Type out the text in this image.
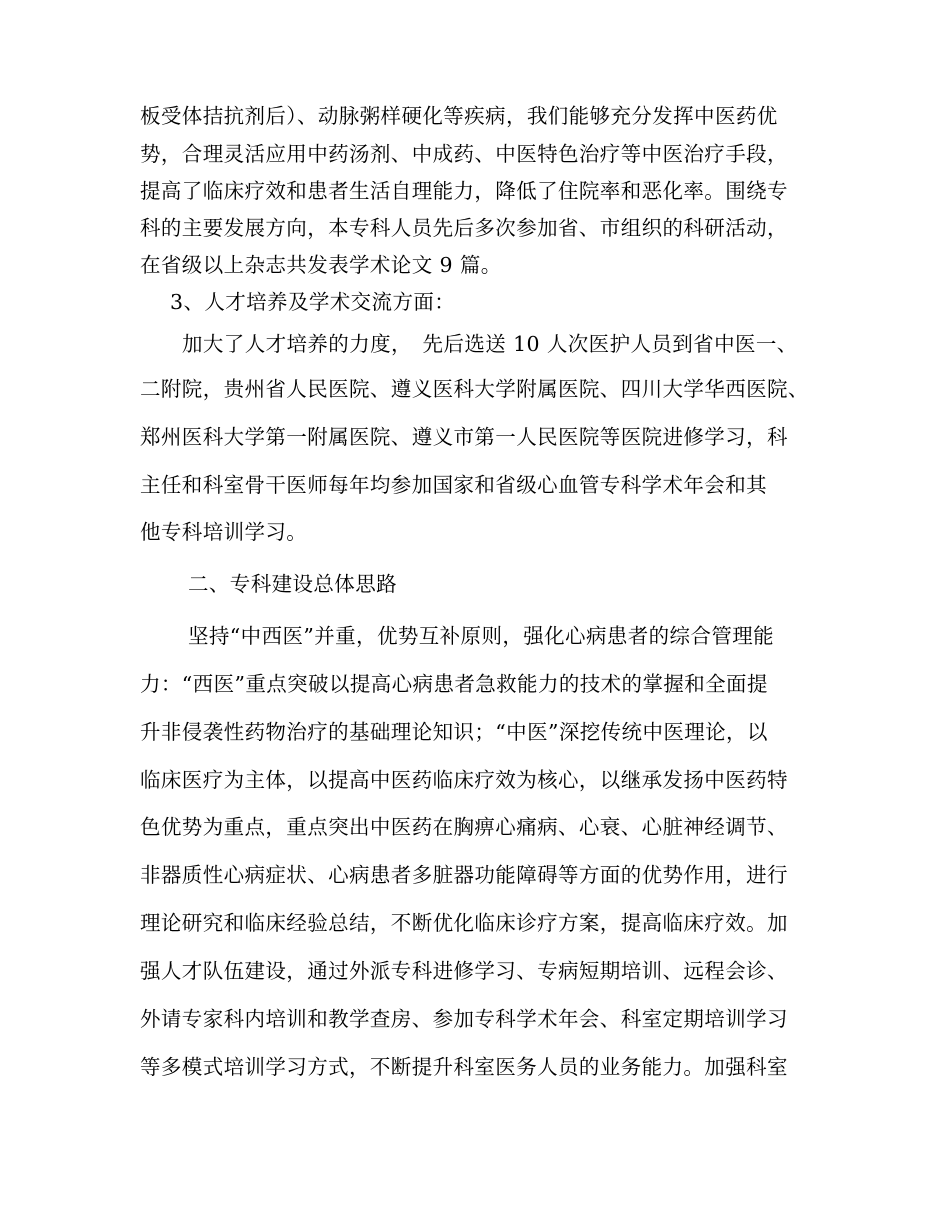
板受体拮抗剂后）、动脉粥样硬化等疾病，我们能够充分发挥中医药优
势，合理灵活应用中药汤剂、中成药、中医特色治疗等中医治疗手段，
提高了临床疗效和患者生活自理能力，降低了住院率和恶化率。围绕专
科的主要发展方向，本专科人员先后多次参加省、市组织的科研活动，
在省级以上杂志共发表学术论文 9 篇。
3、人才培养及学术交流方面：
加大了人才培养的力度，　先后选送 10 人次医护人员到省中医一、
二附院，贵州省人民医院、遵义医科大学附属医院、四川大学华西医院、
郑州医科大学第一附属医院、遵义市第一人民医院等医院进修学习，科
主任和科室骨干医师每年均参加国家和省级心血管专科学术年会和其
他专科培训学习。
二、专科建设总体思路
坚持“中西医”并重，优势互补原则，强化心病患者的综合管理能
力：“西医”重点突破以提高心病患者急救能力的技术的掌握和全面提
升非侵袭性药物治疗的基础理论知识；“中医”深挖传统中医理论，以
临床医疗为主体，以提高中医药临床疗效为核心，以继承发扬中医药特
色优势为重点，重点突出中医药在胸痹心痛病、心衰、心脏神经调节、
非器质性心病症状、心病患者多脏器功能障碍等方面的优势作用，进行
理论研究和临床经验总结，不断优化临床诊疗方案，提高临床疗效。加
强人才队伍建设，通过外派专科进修学习、专病短期培训、远程会诊、
外请专家科内培训和教学查房、参加专科学术年会、科室定期培训学习
等多模式培训学习方式，不断提升科室医务人员的业务能力。加强科室
